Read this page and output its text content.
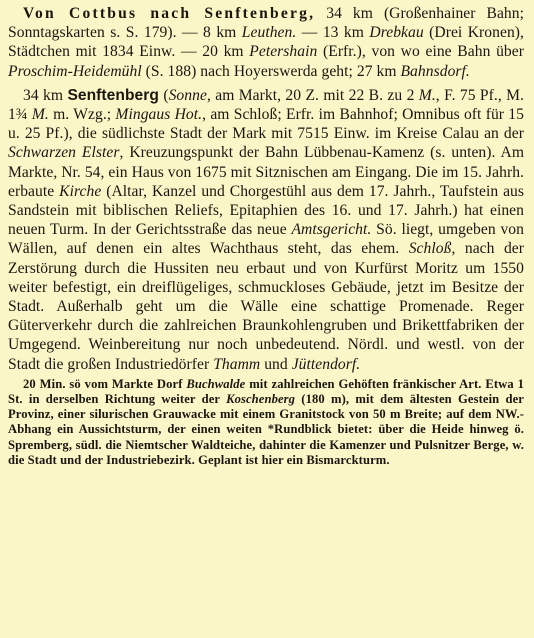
Von Cottbus nach Senftenberg, 34 km (Großenhainer Bahn; Sonntagskarten s. S. 179). — 8 km Leuthen. — 13 km Drebkau (Drei Kronen), Städtchen mit 1834 Einw. — 20 km Petershain (Erfr.), von wo eine Bahn über Proschim-Heidemühl (S. 188) nach Hoyerswerda geht; 27 km Bahnsdorf.

34 km Senftenberg (Sonne, am Markt, 20 Z. mit 22 B. zu 2 M., F. 75 Pf., M. 1¾ M. m. Wzg.; Mingaus Hot., am Schloß; Erfr. im Bahnhof; Omnibus oft für 15 u. 25 Pf.), die südlichste Stadt der Mark mit 7515 Einw. im Kreise Calau an der Schwarzen Elster, Kreuzungspunkt der Bahn Lübbenau-Kamenz (s. unten). Am Markte, Nr. 54, ein Haus von 1675 mit Sitznischen am Eingang. Die im 15. Jahrh. erbaute Kirche (Altar, Kanzel und Chorgestühl aus dem 17. Jahrh., Taufstein aus Sandstein mit biblischen Reliefs, Epitaphien des 16. und 17. Jahrh.) hat einen neuen Turm. In der Gerichtsstraße das neue Amtsgericht. Sö. liegt, umgeben von Wällen, auf denen ein altes Wachthaus steht, das ehem. Schloß, nach der Zerstörung durch die Hussiten neu erbaut und von Kurfürst Moritz um 1550 weiter befestigt, ein dreiflügeliges, schmuckloses Gebäude, jetzt im Besitze der Stadt. Außerhalb geht um die Wälle eine schattige Promenade. Reger Güterverkehr durch die zahlreichen Braunkohlengruben und Brikettfabriken der Umgegend. Weinbereitung nur noch unbedeutend. Nördl. und westl. von der Stadt die großen Industriedörfer Thamm und Jüttendorf.

20 Min. sö vom Markte Dorf Buchwalde mit zahlreichen Gehöften fränkischer Art. Etwa 1 St. in derselben Richtung weiter der Koschenberg (180 m), mit dem ältesten Gestein der Provinz, einer silurischen Grauwacke mit einem Granitstock von 50 m Breite; auf dem NW.-Abhang ein Aussichtsturm, der einen weiten *Rundblick bietet: über die Heide hinweg ö. Spremberg, südl. die Niemtscher Waldteiche, dahinter die Kamenzer und Pulsnitzer Berge, w. die Stadt und der Industriebezirk. Geplant ist hier ein Bismarckturm.
